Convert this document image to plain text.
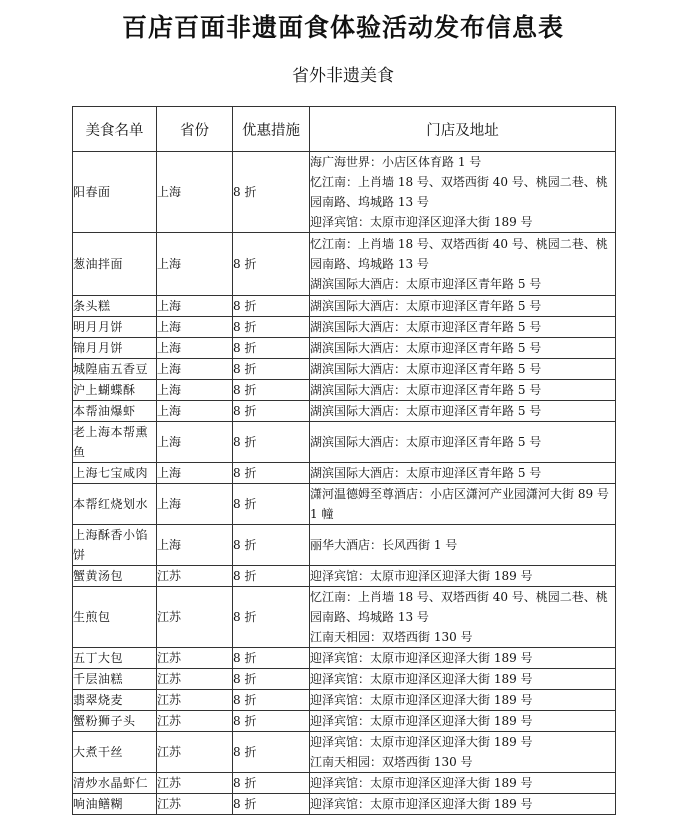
百店百面非遗面食体验活动发布信息表
省外非遗美食
美食名单	省份	优惠措施	门店及地址
阳春面	上海	8 折	海广海世界：小店区体育路 1 号
忆江南：上肖墙 18 号、双塔西街 40 号、桃园二巷、桃园南路、坞城路 13 号
迎泽宾馆：太原市迎泽区迎泽大街 189 号

葱油拌面	上海	8 折	忆江南：上肖墙 18 号、双塔西街 40 号、桃园二巷、桃园南路、坞城路 13 号
湖滨国际大酒店：太原市迎泽区青年路 5 号

条头糕	上海	8 折	湖滨国际大酒店：太原市迎泽区青年路 5 号

明月月饼	上海	8 折	湖滨国际大酒店：太原市迎泽区青年路 5 号

锦月月饼	上海	8 折	湖滨国际大酒店：太原市迎泽区青年路 5 号

城隍庙五香豆	上海	8 折	湖滨国际大酒店：太原市迎泽区青年路 5 号

沪上蝴蝶酥	上海	8 折	湖滨国际大酒店：太原市迎泽区青年路 5 号

本帮油爆虾	上海	8 折	湖滨国际大酒店：太原市迎泽区青年路 5 号

老上海本帮熏鱼	上海	8 折	湖滨国际大酒店：太原市迎泽区青年路 5 号

上海七宝咸肉	上海	8 折	湖滨国际大酒店：太原市迎泽区青年路 5 号

本帮红烧划水	上海	8 折	潇河温德姆至尊酒店：小店区潇河产业园潇河大街 89 号 1 幢

上海酥香小馅饼	上海	8 折	丽华大酒店：长风西街 1 号

蟹黄汤包	江苏	8 折	迎泽宾馆：太原市迎泽区迎泽大街 189 号

生煎包	江苏	8 折	忆江南：上肖墙 18 号、双塔西街 40 号、桃园二巷、桃园南路、坞城路 13 号
江南天相园：双塔西街 130 号

五丁大包	江苏	8 折	迎泽宾馆：太原市迎泽区迎泽大街 189 号

千层油糕	江苏	8 折	迎泽宾馆：太原市迎泽区迎泽大街 189 号

翡翠烧麦	江苏	8 折	迎泽宾馆：太原市迎泽区迎泽大街 189 号

蟹粉狮子头	江苏	8 折	迎泽宾馆：太原市迎泽区迎泽大街 189 号

大煮干丝	江苏	8 折	迎泽宾馆：太原市迎泽区迎泽大街 189 号
江南天相园：双塔西街 130 号

清炒水晶虾仁	江苏	8 折	迎泽宾馆：太原市迎泽区迎泽大街 189 号

响油鳝糊	江苏	8 折	迎泽宾馆：太原市迎泽区迎泽大街 189 号
